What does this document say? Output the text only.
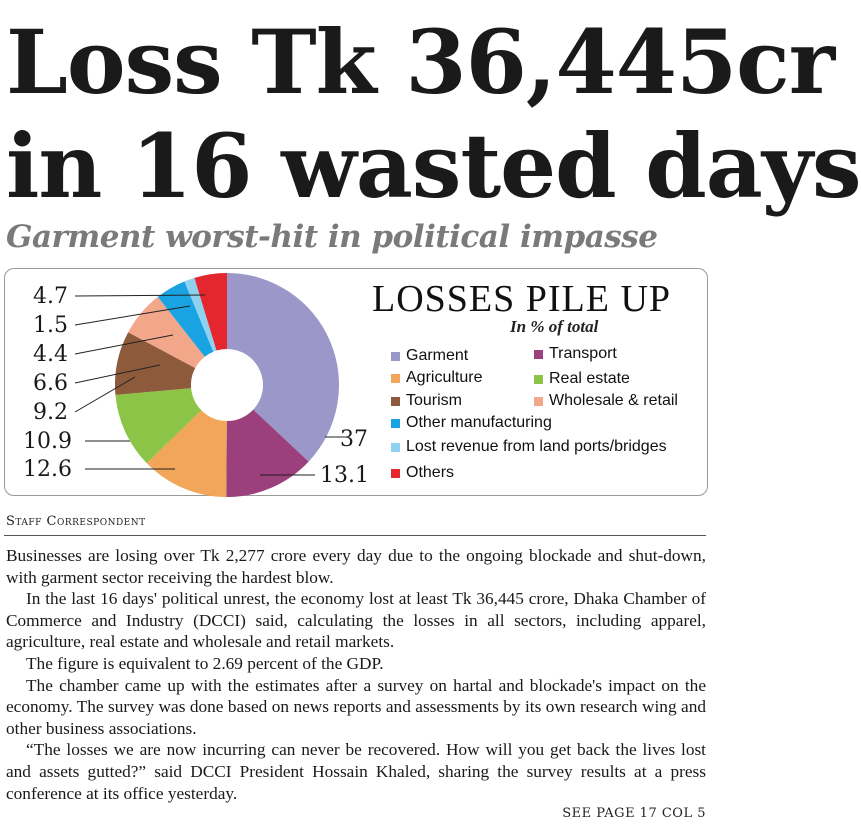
Loss Tk 36,445cr
in 16 wasted days
Garment worst-hit in political impasse
37
13.1
12.6
10.9
9.2
6.6
4.4
1.5
4.7	LOSSES PILE UP
In % of total
Garment	Transport
Agriculture	Real estate
Tourism	Wholesale & retail
Other manufacturing
Lost revenue from land ports/bridges
Others
Staff Correspondent

Businesses are losing over Tk 2,277 crore every day due to the ongoing blockade and shut-down, with garment sector receiving the hardest blow.

In the last 16 days' political unrest, the economy lost at least Tk 36,445 crore, Dhaka Chamber of Commerce and Industry (DCCI) said, calculating the losses in all sectors, including apparel, agriculture, real estate and wholesale and retail markets.

The figure is equivalent to 2.69 percent of the GDP.

The chamber came up with the estimates after a survey on hartal and blockade's impact on the economy. The survey was done based on news reports and assessments by its own research wing and other business associations.

“The losses we are now incurring can never be recovered. How will you get back the lives lost and assets gutted?” said DCCI President Hossain Khaled, sharing the survey results at a press conference at its office yesterday.

SEE PAGE 17 COL 5
